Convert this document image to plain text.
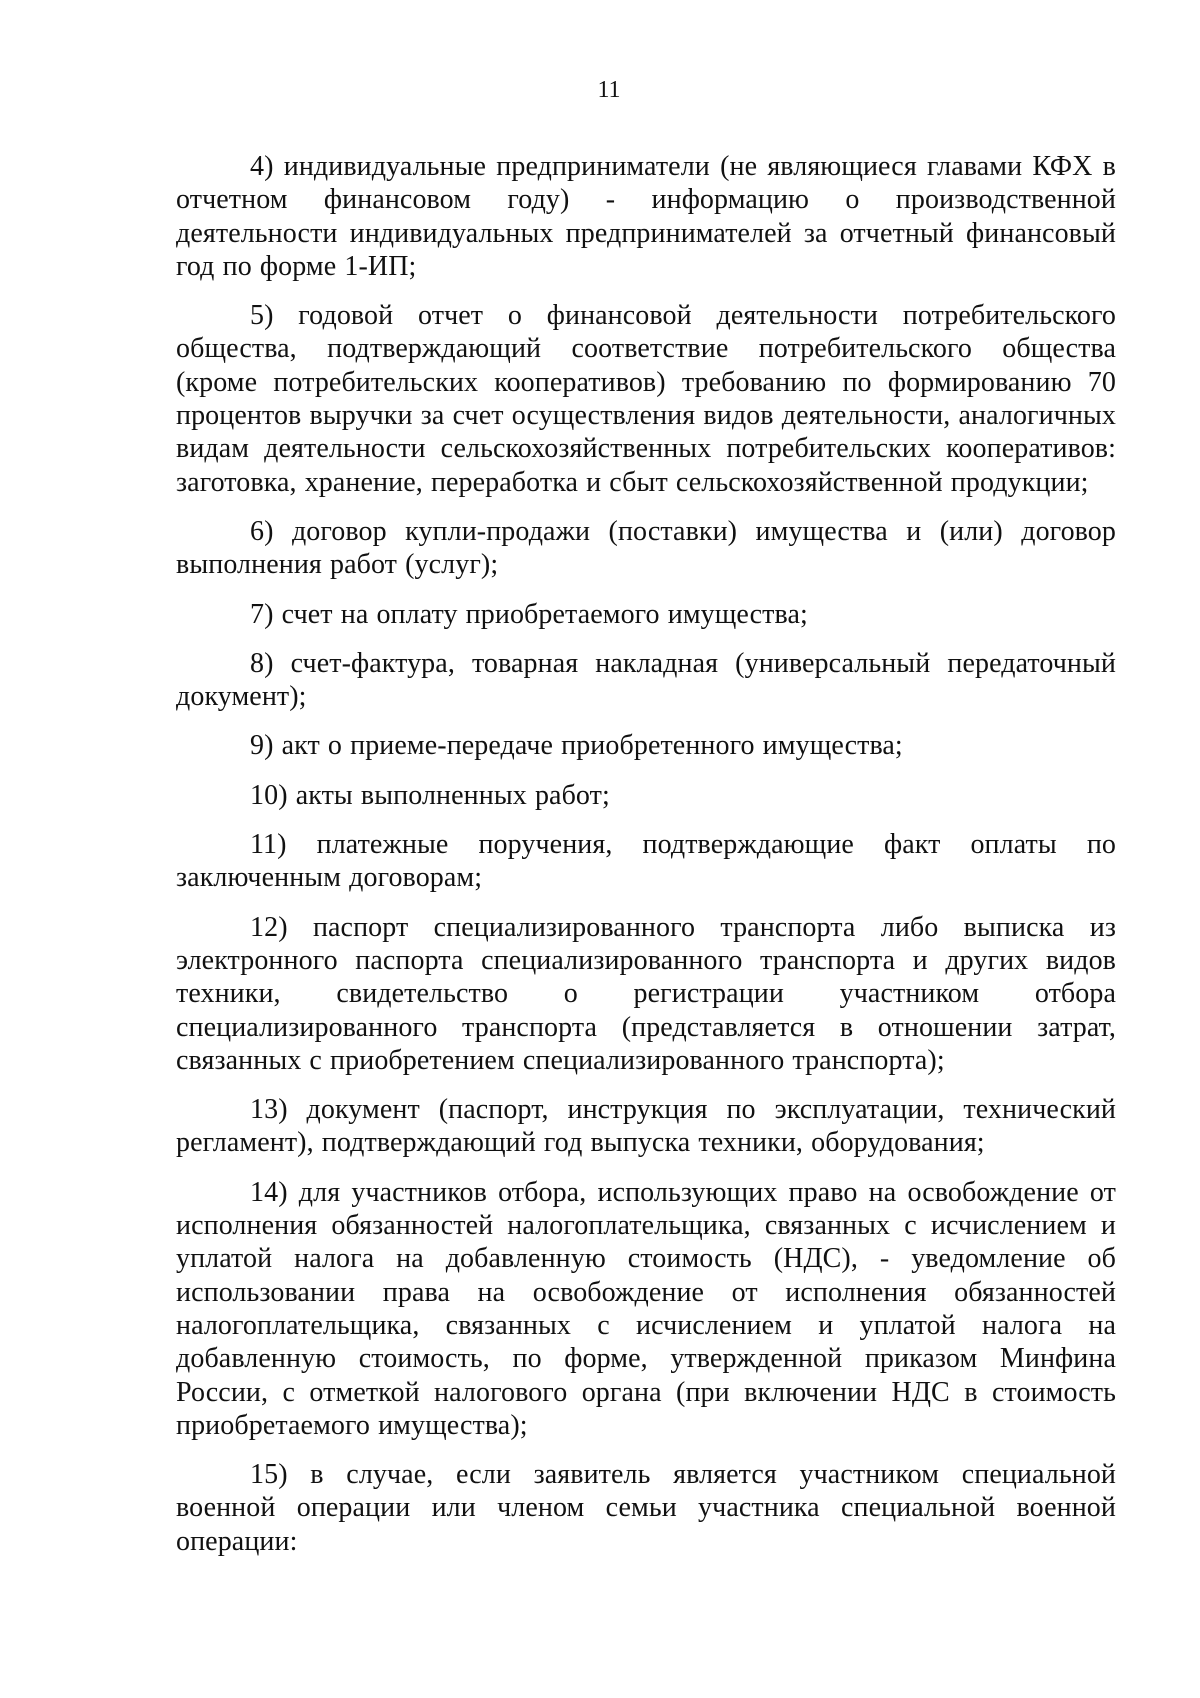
11

4) индивидуальные предприниматели (не являющиеся главами КФХ в отчетном финансовом году) - информацию о производственной деятельности индивидуальных предпринимателей за отчетный финансовый год по форме 1-ИП;

5) годовой отчет о финансовой деятельности потребительского общества, подтверждающий соответствие потребительского общества (кроме потребительских кооперативов) требованию по формированию 70 процентов выручки за счет осуществления видов деятельности, аналогичных видам деятельности сельскохозяйственных потребительских кооперативов: заготовка, хранение, переработка и сбыт сельскохозяйственной продукции;

6) договор купли-продажи (поставки) имущества и (или) договор выполнения работ (услуг);

7) счет на оплату приобретаемого имущества;

8) счет-фактура, товарная накладная (универсальный передаточный документ);

9) акт о приеме-передаче приобретенного имущества;

10) акты выполненных работ;

11) платежные поручения, подтверждающие факт оплаты по заключенным договорам;

12) паспорт специализированного транспорта либо выписка из электронного паспорта специализированного транспорта и других видов техники, свидетельство о регистрации участником отбора специализированного транспорта (представляется в отношении затрат, связанных с приобретением специализированного транспорта);

13) документ (паспорт, инструкция по эксплуатации, технический регламент), подтверждающий год выпуска техники, оборудования;

14) для участников отбора, использующих право на освобождение от исполнения обязанностей налогоплательщика, связанных с исчислением и уплатой налога на добавленную стоимость (НДС), - уведомление об использовании права на освобождение от исполнения обязанностей налогоплательщика, связанных с исчислением и уплатой налога на добавленную стоимость, по форме, утвержденной приказом Минфина России, с отметкой налогового органа (при включении НДС в стоимость приобретаемого имущества);

15) в случае, если заявитель является участником специальной военной операции или членом семьи участника специальной военной операции:
